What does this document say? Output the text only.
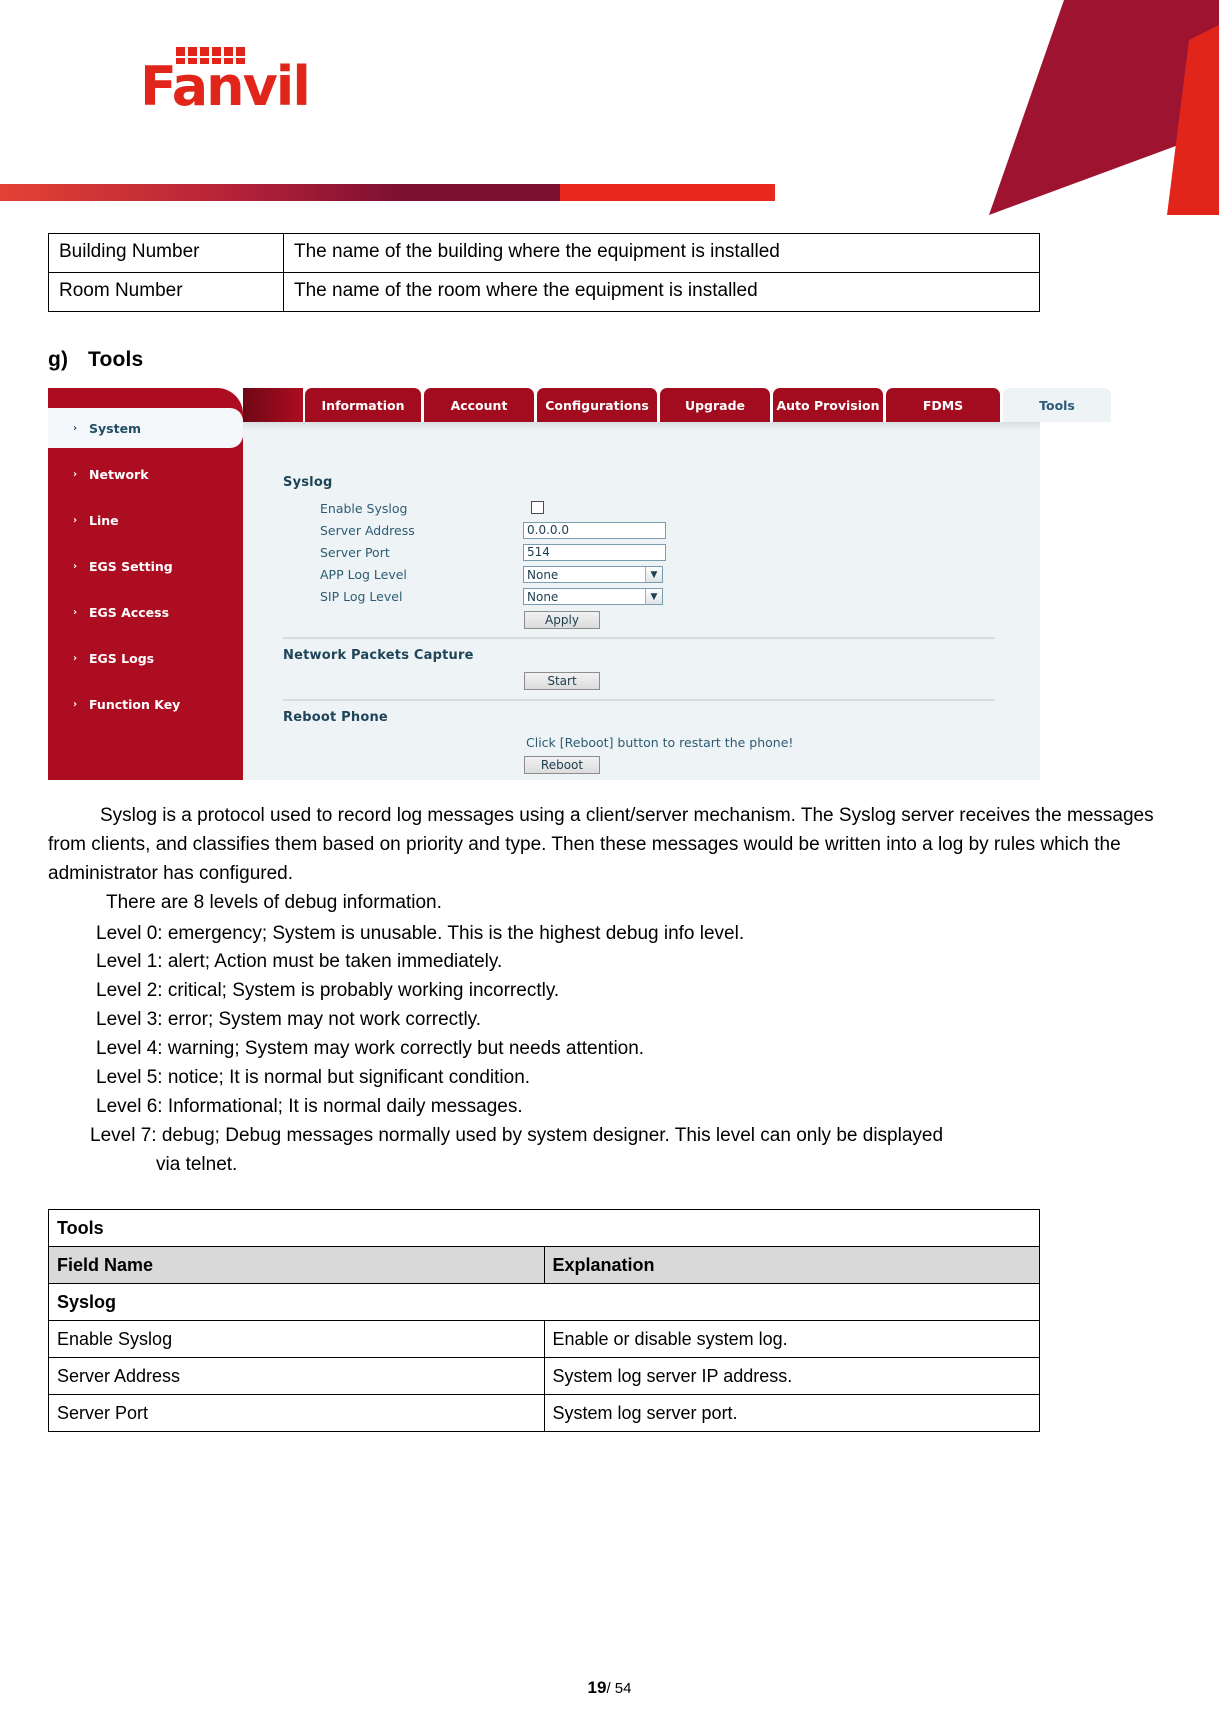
Fanvil
Building Number	The name of the building where the equipment is installed
Room Number	The name of the room where the equipment is installed
g) Tools
› System
› Network
› Line
› EGS Setting
› EGS Access
› EGS Logs
› Function Key
Information	Account	Configurations	Upgrade	Auto Provision	FDMS	Tools
Syslog
Enable Syslog
Server Address	0.0.0.0
Server Port	514
APP Log Level	None	▼
SIP Log Level	None	▼
Apply
Network Packets Capture
Start
Reboot Phone
Click [Reboot] button to restart the phone!
Reboot

Syslog is a protocol used to record log messages using a client/server mechanism. The Syslog server receives the messages from clients, and classifies them based on priority and type. Then these messages would be written into a log by rules which the administrator has configured.

There are 8 levels of debug information.
Level 0: emergency; System is unusable. This is the highest debug info level.
Level 1: alert; Action must be taken immediately.
Level 2: critical; System is probably working incorrectly.
Level 3: error; System may not work correctly.
Level 4: warning; System may work correctly but needs attention.
Level 5: notice; It is normal but significant condition.
Level 6: Informational; It is normal daily messages.
Level 7: debug; Debug messages normally used by system designer. This level can only be displayed
via telnet.
Tools	
Field Name	Explanation
Syslog	
Enable Syslog	Enable or disable system log.
Server Address	System log server IP address.
Server Port	System log server port.
19/ 54
